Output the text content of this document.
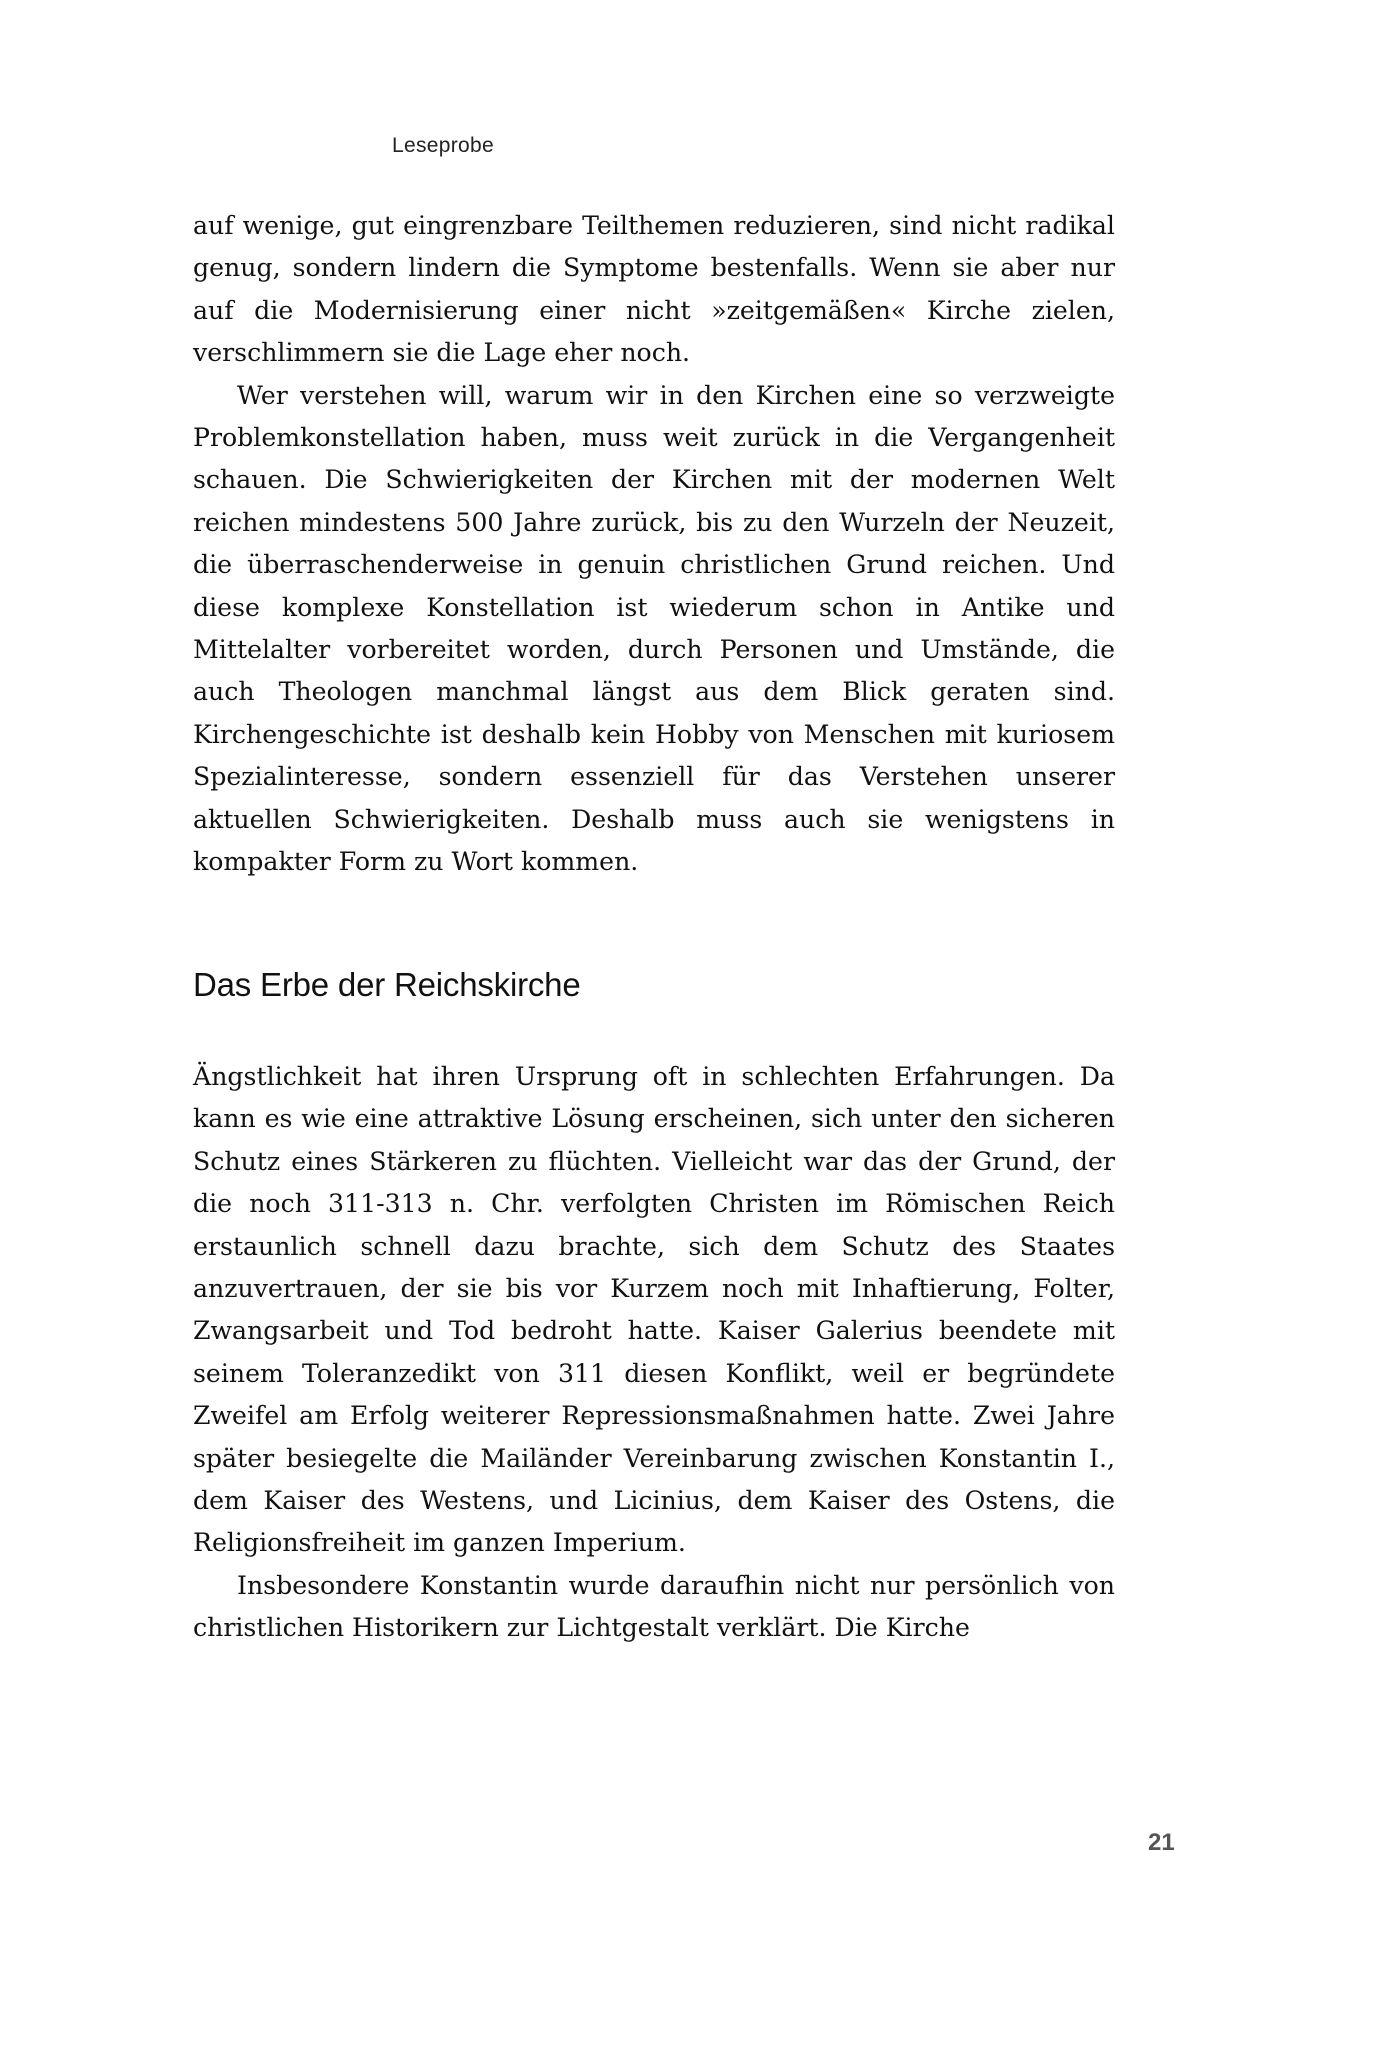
Leseprobe

auf wenige, gut eingrenzbare Teilthemen reduzieren, sind nicht radikal genug, sondern lindern die Symptome bestenfalls. Wenn sie aber nur auf die Modernisierung einer nicht »zeitgemäßen« Kirche zielen, verschlimmern sie die Lage eher noch.

Wer verstehen will, warum wir in den Kirchen eine so verzweigte Problemkonstellation haben, muss weit zurück in die Vergangenheit schauen. Die Schwierigkeiten der Kirchen mit der modernen Welt reichen mindestens 500 Jahre zurück, bis zu den Wurzeln der Neuzeit, die überraschenderweise in genuin christlichen Grund reichen. Und diese komplexe Konstellation ist wiederum schon in Antike und Mittelalter vorbereitet worden, durch Personen und Umstände, die auch Theologen manchmal längst aus dem Blick geraten sind. Kirchengeschichte ist deshalb kein Hobby von Menschen mit kuriosem Spezialinteresse, sondern essenziell für das Verstehen unserer aktuellen Schwierigkeiten. Deshalb muss auch sie wenigstens in kompakter Form zu Wort kommen.

Das Erbe der Reichskirche

Ängstlichkeit hat ihren Ursprung oft in schlechten Erfahrungen. Da kann es wie eine attraktive Lösung erscheinen, sich unter den sicheren Schutz eines Stärkeren zu flüchten. Vielleicht war das der Grund, der die noch 311-313 n. Chr. verfolgten Christen im Römischen Reich erstaunlich schnell dazu brachte, sich dem Schutz des Staates anzuvertrauen, der sie bis vor Kurzem noch mit Inhaftierung, Folter, Zwangsarbeit und Tod bedroht hatte. Kaiser Galerius beendete mit seinem Toleranzedikt von 311 diesen Konflikt, weil er begründete Zweifel am Erfolg weiterer Repressionsmaßnahmen hatte. Zwei Jahre später besiegelte die Mailänder Vereinbarung zwischen Konstantin I., dem Kaiser des Westens, und Licinius, dem Kaiser des Ostens, die Religionsfreiheit im ganzen Imperium.

Insbesondere Konstantin wurde daraufhin nicht nur persönlich von christlichen Historikern zur Lichtgestalt verklärt. Die Kirche

21
